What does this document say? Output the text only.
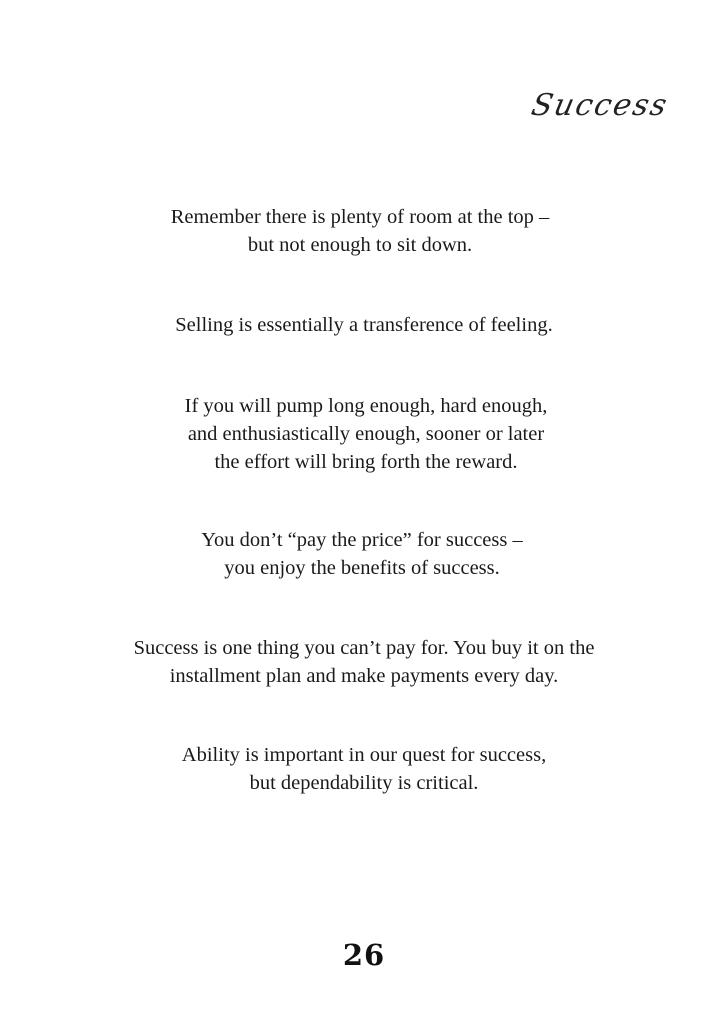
Success
Remember there is plenty of room at the top –
but not enough to sit down.
Selling is essentially a transference of feeling.
If you will pump long enough, hard enough,
and enthusiastically enough, sooner or later
the effort will bring forth the reward.
You don’t “pay the price” for success –
you enjoy the benefits of success.
Success is one thing you can’t pay for. You buy it on the
installment plan and make payments every day.
Ability is important in our quest for success,
but dependability is critical.
26
